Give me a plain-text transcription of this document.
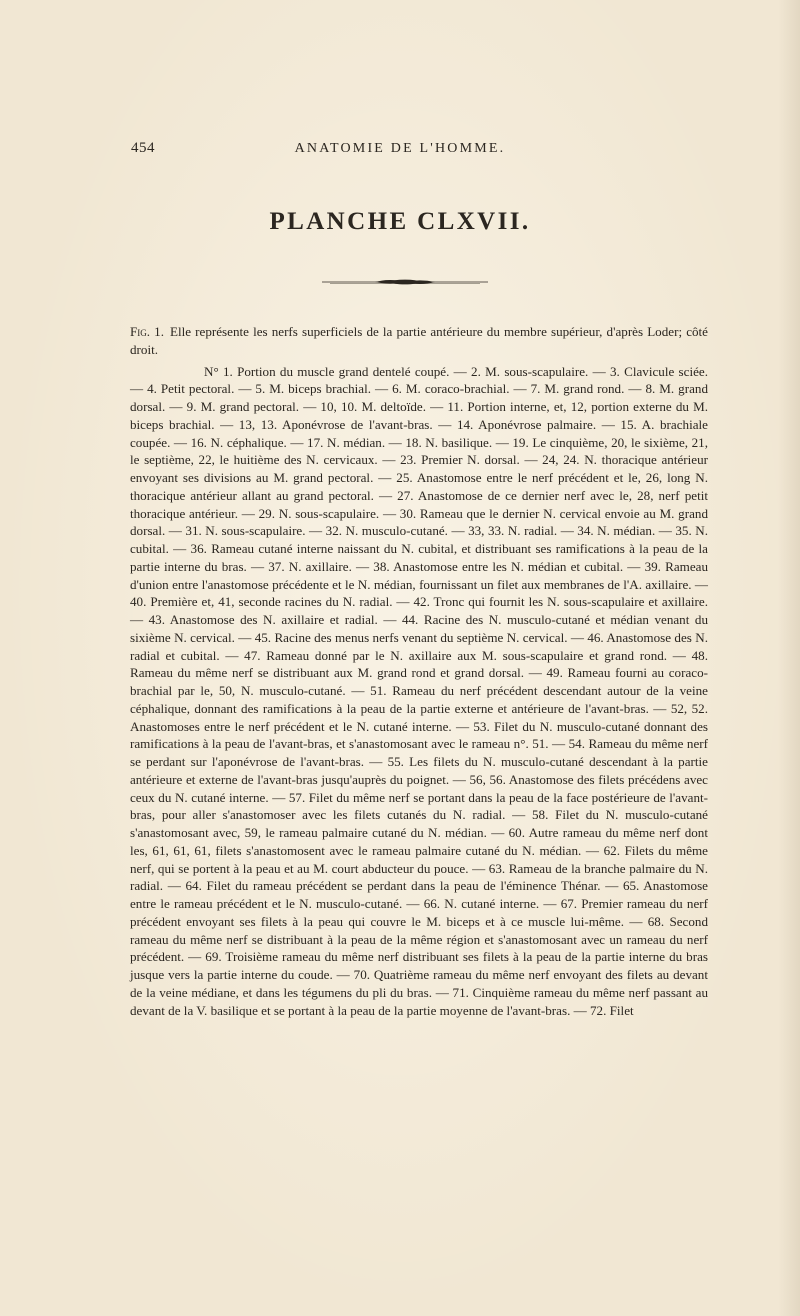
454	ANATOMIE DE L'HOMME.
PLANCHE CLXVII.

Fig. 1. Elle représente les nerfs superficiels de la partie antérieure du membre supérieur, d'après Loder; côté droit.

N° 1. Portion du muscle grand dentelé coupé. — 2. M. sous-scapulaire. — 3. Clavicule sciée. — 4. Petit pectoral. — 5. M. biceps brachial. — 6. M. coraco-brachial. — 7. M. grand rond. — 8. M. grand dorsal. — 9. M. grand pectoral. — 10, 10. M. deltoïde. — 11. Portion interne, et, 12, portion externe du M. biceps brachial. — 13, 13. Aponévrose de l'avant-bras. — 14. Aponévrose palmaire. — 15. A. brachiale coupée. — 16. N. céphalique. — 17. N. médian. — 18. N. basilique. — 19. Le cinquième, 20, le sixième, 21, le septième, 22, le huitième des N. cervicaux. — 23. Premier N. dorsal. — 24, 24. N. thoracique antérieur envoyant ses divisions au M. grand pectoral. — 25. Anastomose entre le nerf précédent et le, 26, long N. thoracique antérieur allant au grand pectoral. — 27. Anastomose de ce dernier nerf avec le, 28, nerf petit thoracique antérieur. — 29. N. sous-scapulaire. — 30. Rameau que le dernier N. cervical envoie au M. grand dorsal. — 31. N. sous-scapulaire. — 32. N. musculo-cutané. — 33, 33. N. radial. — 34. N. médian. — 35. N. cubital. — 36. Rameau cutané interne naissant du N. cubital, et distribuant ses ramifications à la peau de la partie interne du bras. — 37. N. axillaire. — 38. Anastomose entre les N. médian et cubital. — 39. Rameau d'union entre l'anastomose précédente et le N. médian, fournissant un filet aux membranes de l'A. axillaire. — 40. Première et, 41, seconde racines du N. radial. — 42. Tronc qui fournit les N. sous-scapulaire et axillaire. — 43. Anastomose des N. axillaire et radial. — 44. Racine des N. musculo-cutané et médian venant du sixième N. cervical. — 45. Racine des menus nerfs venant du septième N. cervical. — 46. Anastomose des N. radial et cubital. — 47. Rameau donné par le N. axillaire aux M. sous-scapulaire et grand rond. — 48. Rameau du même nerf se distribuant aux M. grand rond et grand dorsal. — 49. Rameau fourni au coraco-brachial par le, 50, N. musculo-cutané. — 51. Rameau du nerf précédent descendant autour de la veine céphalique, donnant des ramifications à la peau de la partie externe et antérieure de l'avant-bras. — 52, 52. Anastomoses entre le nerf précédent et le N. cutané interne. — 53. Filet du N. musculo-cutané donnant des ramifications à la peau de l'avant-bras, et s'anastomosant avec le rameau n°. 51. — 54. Rameau du même nerf se perdant sur l'aponévrose de l'avant-bras. — 55. Les filets du N. musculo-cutané descendant à la partie antérieure et externe de l'avant-bras jusqu'auprès du poignet. — 56, 56. Anastomose des filets précédens avec ceux du N. cutané interne. — 57. Filet du même nerf se portant dans la peau de la face postérieure de l'avant-bras, pour aller s'anastomoser avec les filets cutanés du N. radial. — 58. Filet du N. musculo-cutané s'anastomosant avec, 59, le rameau palmaire cutané du N. médian. — 60. Autre rameau du même nerf dont les, 61, 61, 61, filets s'anastomosent avec le rameau palmaire cutané du N. médian. — 62. Filets du même nerf, qui se portent à la peau et au M. court abducteur du pouce. — 63. Rameau de la branche palmaire du N. radial. — 64. Filet du rameau précédent se perdant dans la peau de l'éminence Thénar. — 65. Anastomose entre le rameau précédent et le N. musculo-cutané. — 66. N. cutané interne. — 67. Premier rameau du nerf précédent envoyant ses filets à la peau qui couvre le M. biceps et à ce muscle lui-même. — 68. Second rameau du même nerf se distribuant à la peau de la même région et s'anastomosant avec un rameau du nerf précédent. — 69. Troisième rameau du même nerf distribuant ses filets à la peau de la partie interne du bras jusque vers la partie interne du coude. — 70. Quatrième rameau du même nerf envoyant des filets au devant de la veine médiane, et dans les tégumens du pli du bras. — 71. Cinquième rameau du même nerf passant au devant de la V. basilique et se portant à la peau de la partie moyenne de l'avant-bras. — 72. Filet
